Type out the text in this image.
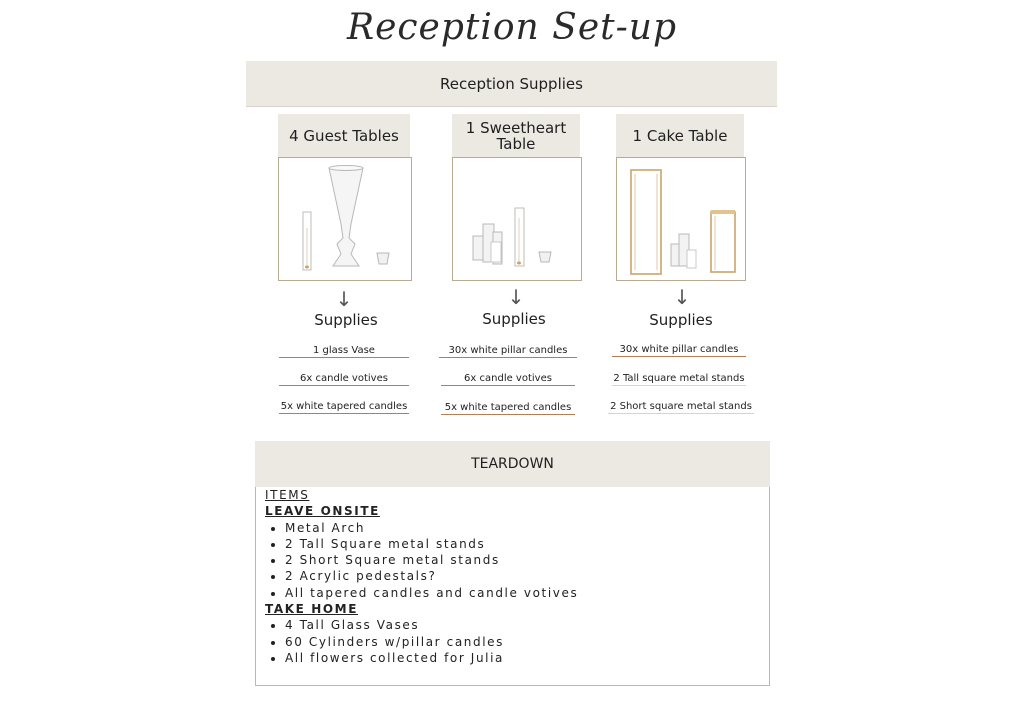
Reception Set-up
Reception Supplies
4 Guest Tables
↓
Supplies
1 glass Vase
6x candle votives
5x white tapered candles
1 Sweetheart Table
↓
Supplies
30x white pillar candles
6x candle votives
5x white tapered candles
1 Cake Table
↓
Supplies
30x white pillar candles
2 Tall square metal stands
2 Short square metal stands
TEARDOWN
ITEMS
LEAVE ONSITE
• Metal Arch
• 2 Tall Square metal stands
• 2 Short Square metal stands
• 2 Acrylic pedestals?
• All tapered candles and candle votives
TAKE HOME
• 4 Tall Glass Vases
• 60 Cylinders w/pillar candles
• All flowers collected for Julia
